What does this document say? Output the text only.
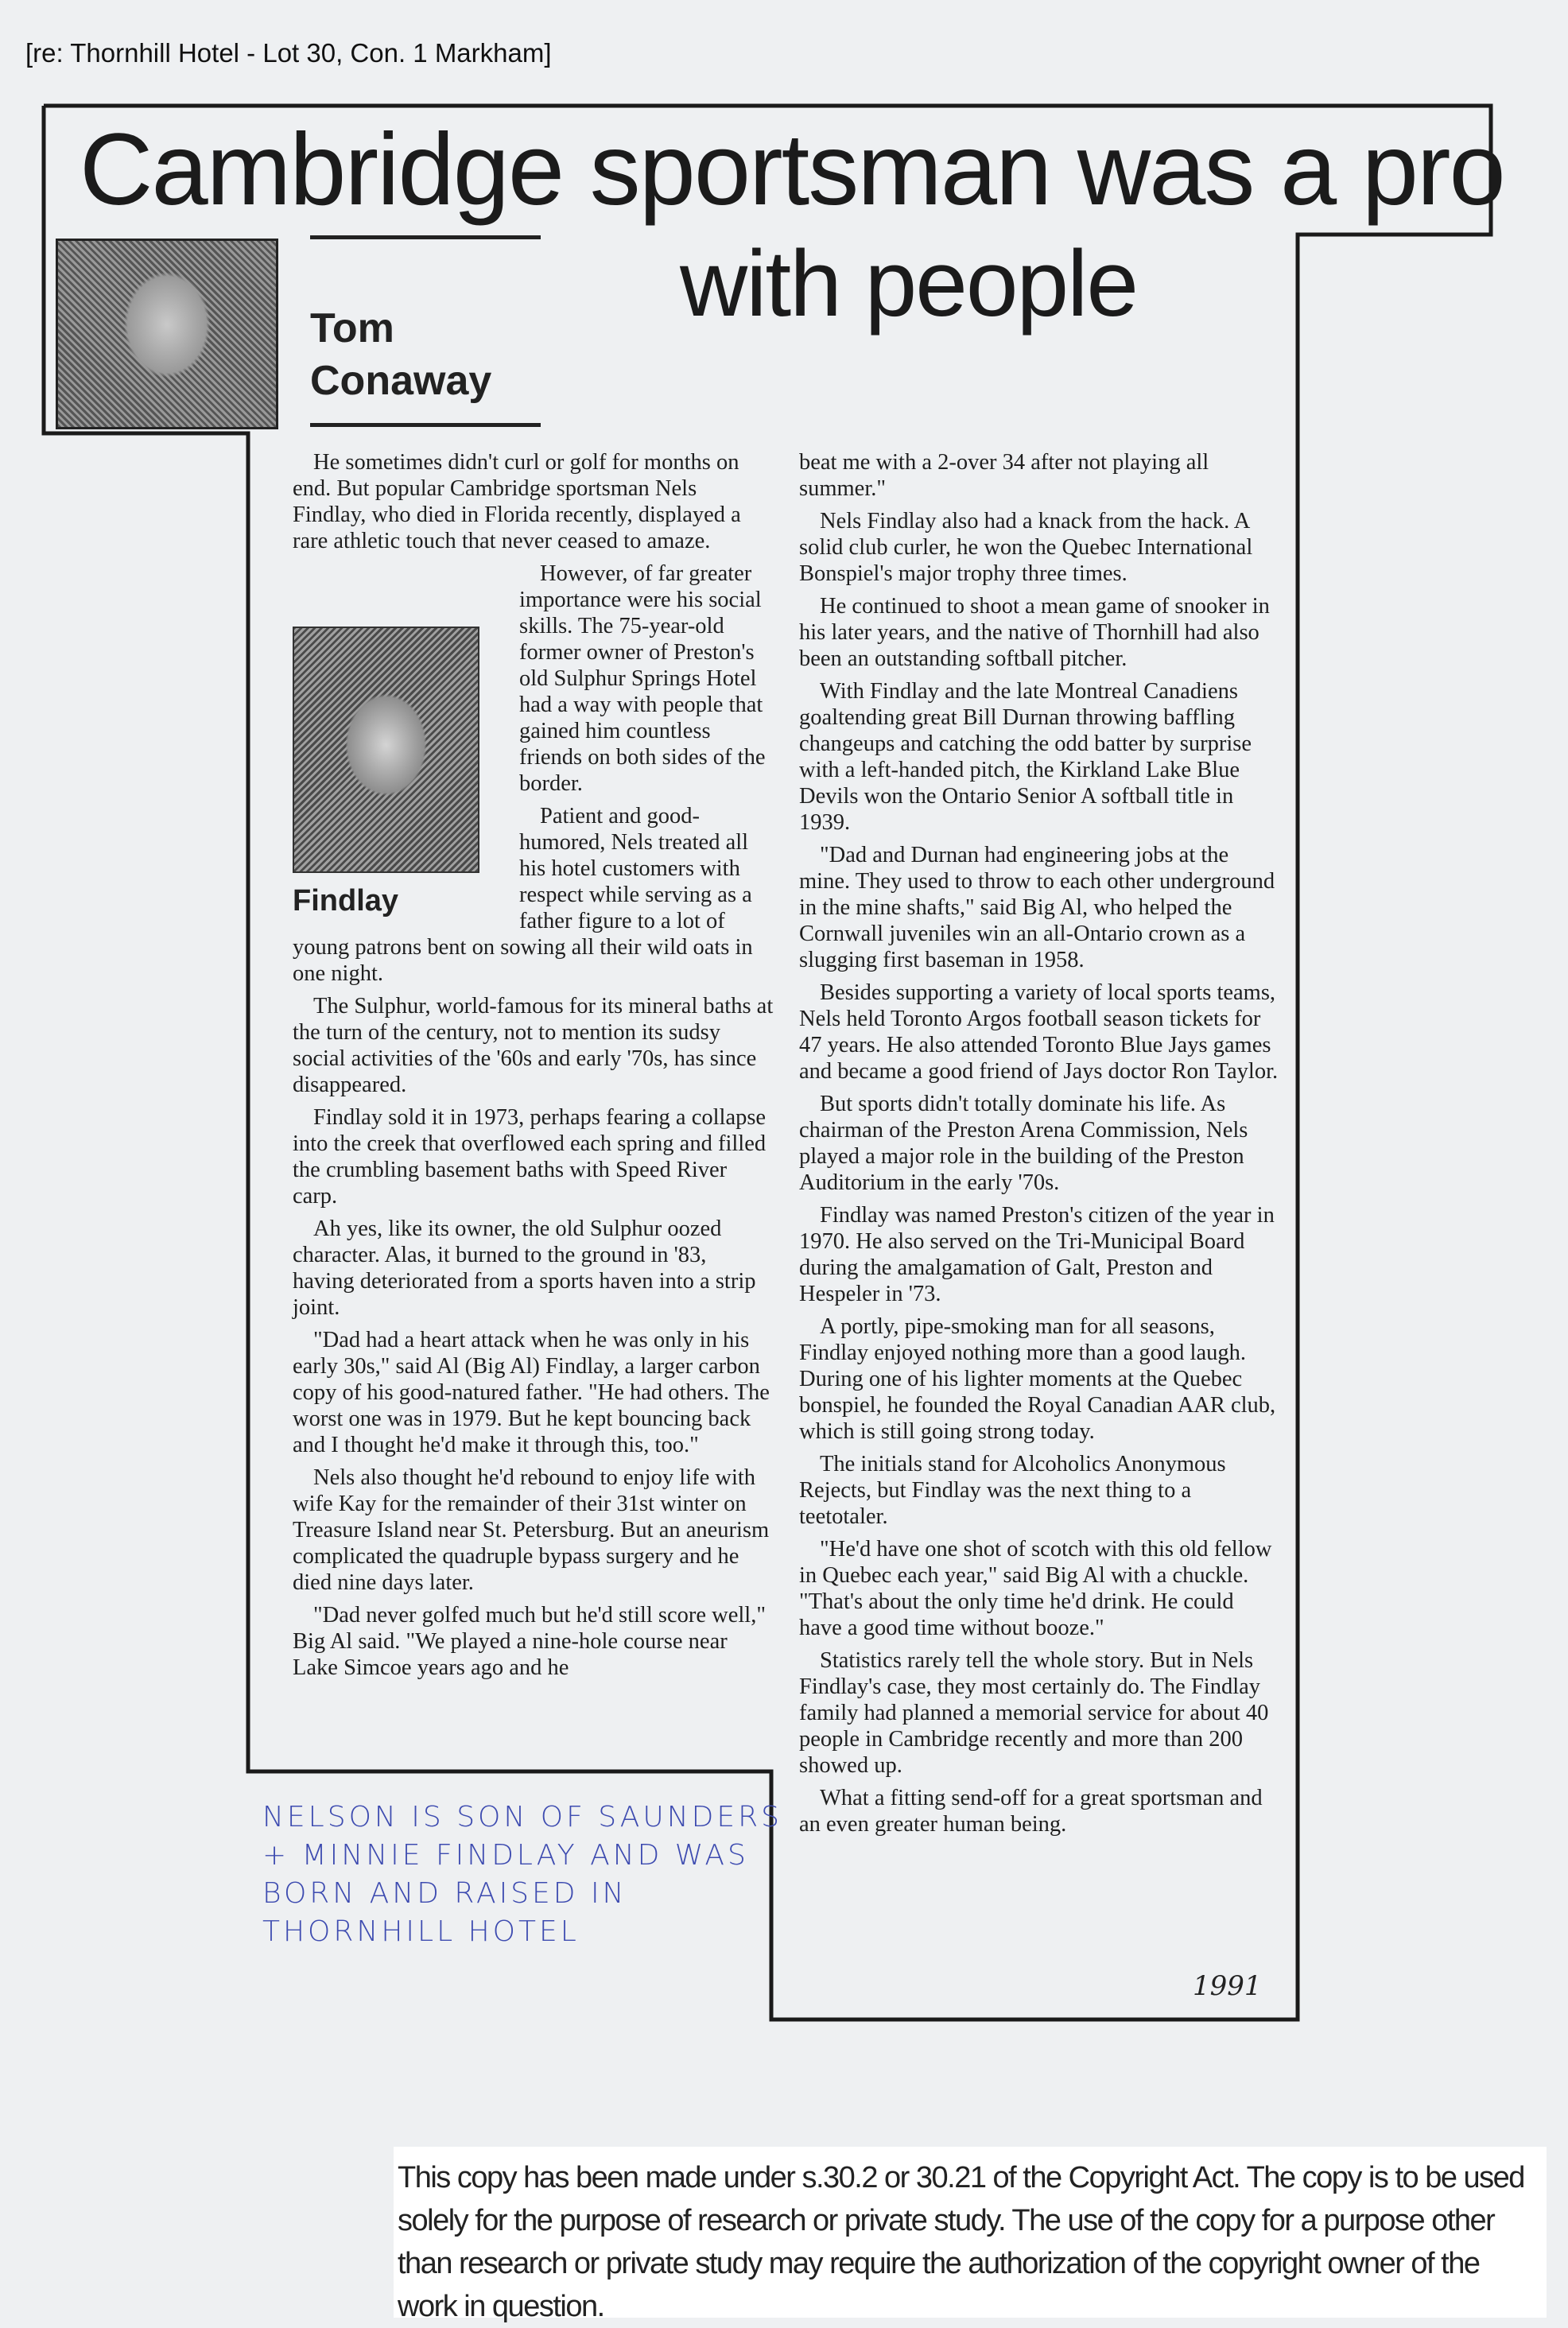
[re: Thornhill Hotel - Lot 30, Con. 1 Markham]
Cambridge sportsman was a pro
with people
Tom
Conaway
Findlay

He sometimes didn't curl or golf for months on end. But popular Cambridge sportsman Nels Findlay, who died in Florida recently, displayed a rare athletic touch that never ceased to amaze.

However, of far greater importance were his social skills. The 75-year-old former owner of Preston's old Sulphur Springs Hotel had a way with people that gained him countless friends on both sides of the border.

Patient and good-humored, Nels treated all his hotel customers with respect while serving as a father figure to a lot of young patrons bent on sowing all their wild oats in one night.

The Sulphur, world-famous for its mineral baths at the turn of the century, not to mention its sudsy social activities of the '60s and early '70s, has since disappeared.

Findlay sold it in 1973, perhaps fearing a collapse into the creek that overflowed each spring and filled the crumbling basement baths with Speed River carp.

Ah yes, like its owner, the old Sulphur oozed character. Alas, it burned to the ground in '83, having deteriorated from a sports haven into a strip joint.

"Dad had a heart attack when he was only in his early 30s," said Al (Big Al) Findlay, a larger carbon copy of his good-natured father. "He had others. The worst one was in 1979. But he kept bouncing back and I thought he'd make it through this, too."

Nels also thought he'd rebound to enjoy life with wife Kay for the remainder of their 31st winter on Treasure Island near St. Petersburg. But an aneurism complicated the quadruple bypass surgery and he died nine days later.

"Dad never golfed much but he'd still score well," Big Al said. "We played a nine-hole course near Lake Simcoe years ago and he

beat me with a 2-over 34 after not playing all summer."

Nels Findlay also had a knack from the hack. A solid club curler, he won the Quebec International Bonspiel's major trophy three times.

He continued to shoot a mean game of snooker in his later years, and the native of Thornhill had also been an outstanding softball pitcher.

With Findlay and the late Montreal Canadiens goaltending great Bill Durnan throwing baffling changeups and catching the odd batter by surprise with a left-handed pitch, the Kirkland Lake Blue Devils won the Ontario Senior A softball title in 1939.

"Dad and Durnan had engineering jobs at the mine. They used to throw to each other underground in the mine shafts," said Big Al, who helped the Cornwall juveniles win an all-Ontario crown as a slugging first baseman in 1958.

Besides supporting a variety of local sports teams, Nels held Toronto Argos football season tickets for 47 years. He also attended Toronto Blue Jays games and became a good friend of Jays doctor Ron Taylor.

But sports didn't totally dominate his life. As chairman of the Preston Arena Commission, Nels played a major role in the building of the Preston Auditorium in the early '70s.

Findlay was named Preston's citizen of the year in 1970. He also served on the Tri-Municipal Board during the amalgamation of Galt, Preston and Hespeler in '73.

A portly, pipe-smoking man for all seasons, Findlay enjoyed nothing more than a good laugh. During one of his lighter moments at the Quebec bonspiel, he founded the Royal Canadian AAR club, which is still going strong today.

The initials stand for Alcoholics Anonymous Rejects, but Findlay was the next thing to a teetotaler.

"He'd have one shot of scotch with this old fellow in Quebec each year," said Big Al with a chuckle. "That's about the only time he'd drink. He could have a good time without booze."

Statistics rarely tell the whole story. But in Nels Findlay's case, they most certainly do. The Findlay family had planned a memorial service for about 40 people in Cambridge recently and more than 200 showed up.

What a fitting send-off for a great sportsman and an even greater human being.

1991
NELSON IS SON OF SAUNDERS + MINNIE FINDLAY AND WAS BORN AND RAISED IN THORNHILL HOTEL
This copy has been made under s.30.2 or 30.21 of the Copyright Act. The copy is to be used solely for the purpose of research or private study. The use of the copy for a purpose other than research or private study may require the authorization of the copyright owner of the work in question.
